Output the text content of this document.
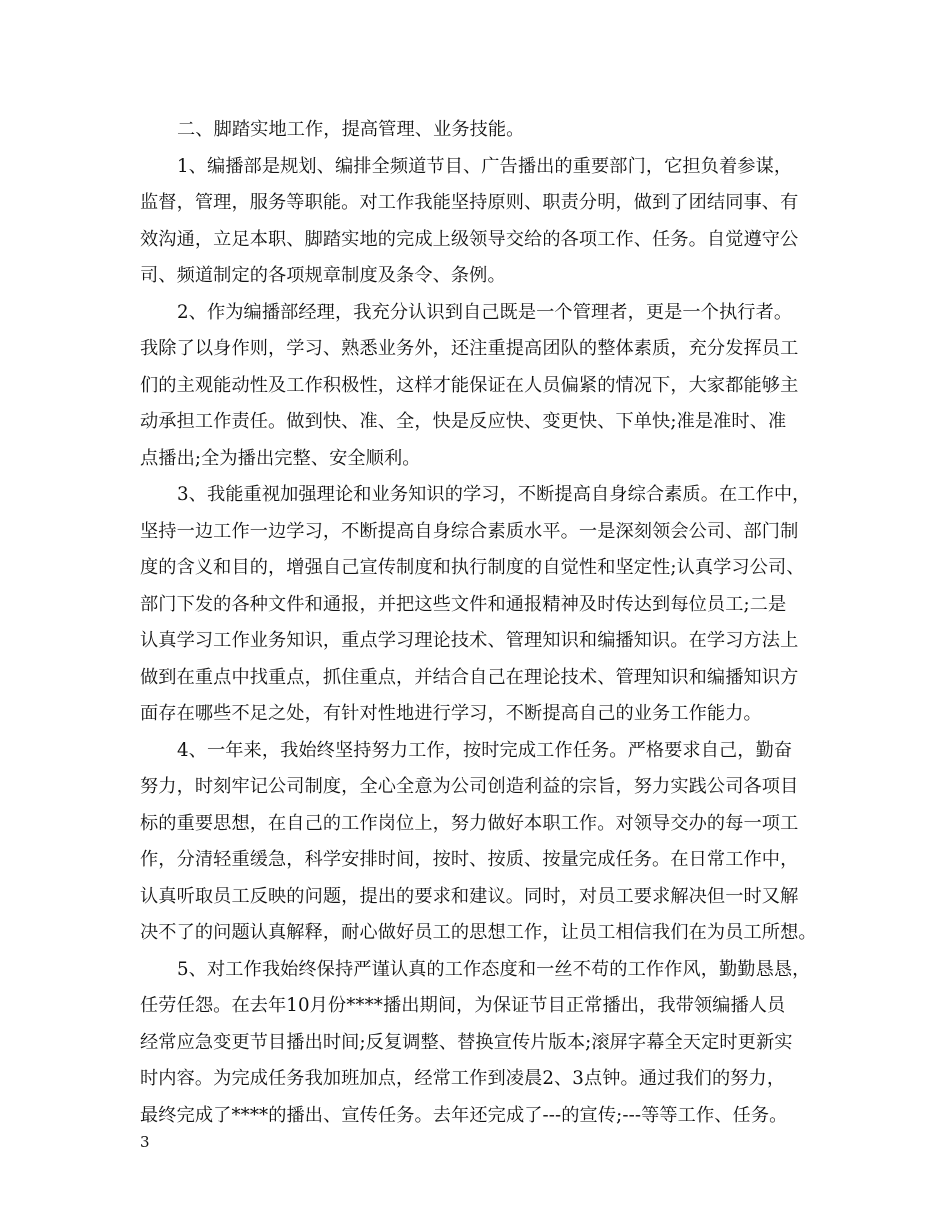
二、脚踏实地工作，提高管理、业务技能。
1、编播部是规划、编排全频道节目、广告播出的重要部门，它担负着参谋，
监督，管理，服务等职能。对工作我能坚持原则、职责分明，做到了团结同事、有
效沟通，立足本职、脚踏实地的完成上级领导交给的各项工作、任务。自觉遵守公
司、频道制定的各项规章制度及条令、条例。
2、作为编播部经理，我充分认识到自己既是一个管理者，更是一个执行者。
我除了以身作则，学习、熟悉业务外，还注重提高团队的整体素质，充分发挥员工
们的主观能动性及工作积极性，这样才能保证在人员偏紧的情况下，大家都能够主
动承担工作责任。做到快、准、全，快是反应快、变更快、下单快;准是准时、准
点播出;全为播出完整、安全顺利。
3、我能重视加强理论和业务知识的学习，不断提高自身综合素质。在工作中，
坚持一边工作一边学习，不断提高自身综合素质水平。一是深刻领会公司、部门制
度的含义和目的，增强自己宣传制度和执行制度的自觉性和坚定性;认真学习公司、
部门下发的各种文件和通报，并把这些文件和通报精神及时传达到每位员工;二是
认真学习工作业务知识，重点学习理论技术、管理知识和编播知识。在学习方法上
做到在重点中找重点，抓住重点，并结合自己在理论技术、管理知识和编播知识方
面存在哪些不足之处，有针对性地进行学习，不断提高自己的业务工作能力。
4、一年来，我始终坚持努力工作，按时完成工作任务。严格要求自己，勤奋
努力，时刻牢记公司制度，全心全意为公司创造利益的宗旨，努力实践公司各项目
标的重要思想，在自己的工作岗位上，努力做好本职工作。对领导交办的每一项工
作，分清轻重缓急，科学安排时间，按时、按质、按量完成任务。在日常工作中，
认真听取员工反映的问题，提出的要求和建议。同时，对员工要求解决但一时又解
决不了的问题认真解释，耐心做好员工的思想工作，让员工相信我们在为员工所想。
5、对工作我始终保持严谨认真的工作态度和一丝不苟的工作作风，勤勤恳恳，
任劳任怨。在去年10月份****播出期间，为保证节目正常播出，我带领编播人员
经常应急变更节目播出时间;反复调整、替换宣传片版本;滚屏字幕全天定时更新实
时内容。为完成任务我加班加点，经常工作到凌晨2、3点钟。通过我们的努力，
最终完成了****的播出、宣传任务。去年还完成了---的宣传;---等等工作、任务。
3
